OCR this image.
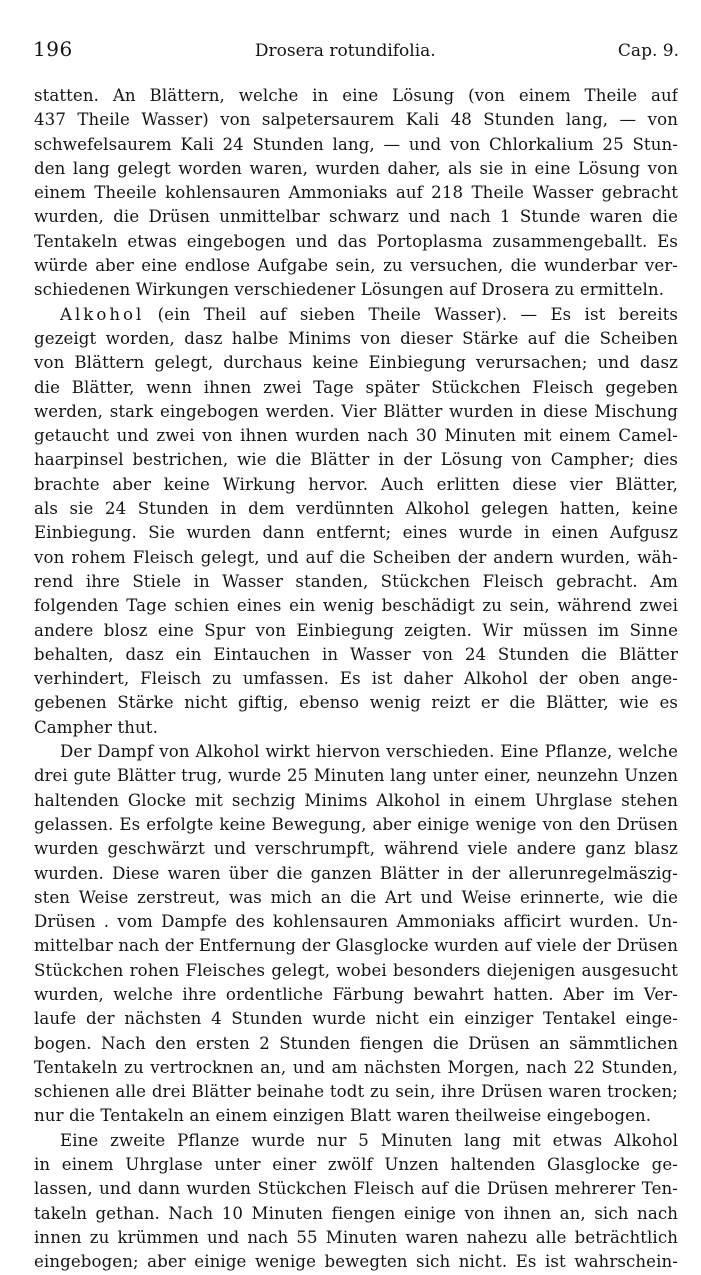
196	Drosera rotundifolia.	Cap. 9.
statten. An Blättern, welche in eine Lösung (von einem Theile auf
437 Theile Wasser) von salpetersaurem Kali 48 Stunden lang, — von
schwefelsaurem Kali 24 Stunden lang, — und von Chlorkalium 25 Stun-
den lang gelegt worden waren, wurden daher, als sie in eine Lösung von
einem Theeile kohlensauren Ammoniaks auf 218 Theile Wasser gebracht
wurden, die Drüsen unmittelbar schwarz und nach 1 Stunde waren die
Tentakeln etwas eingebogen und das Portoplasma zusammengeballt. Es
würde aber eine endlose Aufgabe sein, zu versuchen, die wunderbar ver-
schiedenen Wirkungen verschiedener Lösungen auf Drosera zu ermitteln.
Alkohol (ein Theil auf sieben Theile Wasser). — Es ist bereits
gezeigt worden, dasz halbe Minims von dieser Stärke auf die Scheiben
von Blättern gelegt, durchaus keine Einbiegung verursachen; und dasz
die Blätter, wenn ihnen zwei Tage später Stückchen Fleisch gegeben
werden, stark eingebogen werden. Vier Blätter wurden in diese Mischung
getaucht und zwei von ihnen wurden nach 30 Minuten mit einem Camel-
haarpinsel bestrichen, wie die Blätter in der Lösung von Campher; dies
brachte aber keine Wirkung hervor. Auch erlitten diese vier Blätter,
als sie 24 Stunden in dem verdünnten Alkohol gelegen hatten, keine
Einbiegung. Sie wurden dann entfernt; eines wurde in einen Aufgusz
von rohem Fleisch gelegt, und auf die Scheiben der andern wurden, wäh-
rend ihre Stiele in Wasser standen, Stückchen Fleisch gebracht. Am
folgenden Tage schien eines ein wenig beschädigt zu sein, während zwei
andere blosz eine Spur von Einbiegung zeigten. Wir müssen im Sinne
behalten, dasz ein Eintauchen in Wasser von 24 Stunden die Blätter
verhindert, Fleisch zu umfassen. Es ist daher Alkohol der oben ange-
gebenen Stärke nicht giftig, ebenso wenig reizt er die Blätter, wie es
Campher thut.
Der Dampf von Alkohol wirkt hiervon verschieden. Eine Pflanze, welche
drei gute Blätter trug, wurde 25 Minuten lang unter einer, neunzehn Unzen
haltenden Glocke mit sechzig Minims Alkohol in einem Uhrglase stehen
gelassen. Es erfolgte keine Bewegung, aber einige wenige von den Drüsen
wurden geschwärzt und verschrumpft, während viele andere ganz blasz
wurden. Diese waren über die ganzen Blätter in der allerunregelmäszig-
sten Weise zerstreut, was mich an die Art und Weise erinnerte, wie die
Drüsen . vom Dampfe des kohlensauren Ammoniaks afficirt wurden. Un-
mittelbar nach der Entfernung der Glasglocke wurden auf viele der Drüsen
Stückchen rohen Fleisches gelegt, wobei besonders diejenigen ausgesucht
wurden, welche ihre ordentliche Färbung bewahrt hatten. Aber im Ver-
laufe der nächsten 4 Stunden wurde nicht ein einziger Tentakel einge-
bogen. Nach den ersten 2 Stunden fiengen die Drüsen an sämmtlichen
Tentakeln zu vertrocknen an, und am nächsten Morgen, nach 22 Stunden,
schienen alle drei Blätter beinahe todt zu sein, ihre Drüsen waren trocken;
nur die Tentakeln an einem einzigen Blatt waren theilweise eingebogen.
Eine zweite Pflanze wurde nur 5 Minuten lang mit etwas Alkohol
in einem Uhrglase unter einer zwölf Unzen haltenden Glasglocke ge-
lassen, und dann wurden Stückchen Fleisch auf die Drüsen mehrerer Ten-
takeln gethan. Nach 10 Minuten fiengen einige von ihnen an, sich nach
innen zu krümmen und nach 55 Minuten waren nahezu alle beträchtlich
eingebogen; aber einige wenige bewegten sich nicht. Es ist wahrschein-
